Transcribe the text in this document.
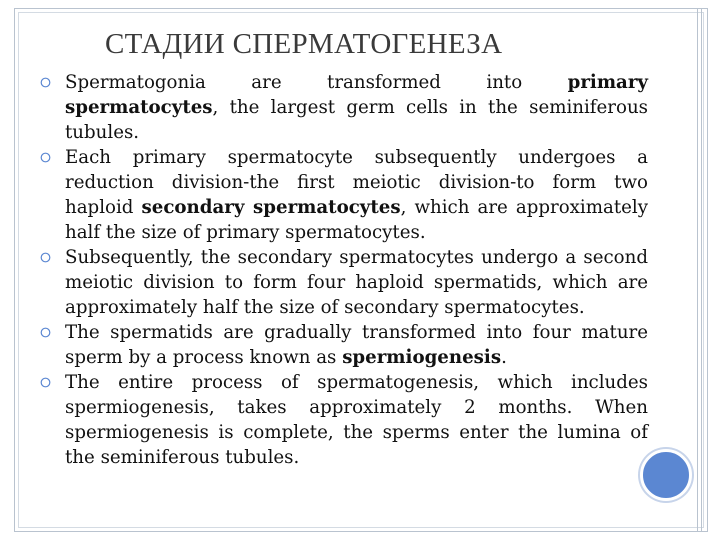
СТАДИИ СПЕРМАТОГЕНЕЗА
Spermatogonia are transformed into primary spermatocytes, the largest germ cells in the seminiferous tubules.
Each primary spermatocyte subsequently undergoes a reduction division-the first meiotic division-to form two haploid secondary spermatocytes, which are approximately half the size of primary spermatocytes.
Subsequently, the secondary spermatocytes undergo a second meiotic division to form four haploid spermatids, which are approximately half the size of secondary spermatocytes.
The spermatids are gradually transformed into four mature sperm by a process known as spermiogenesis.
The entire process of spermatogenesis, which includes spermiogenesis, takes approximately 2 months. When spermiogenesis is complete, the sperms enter the lumina of the seminiferous tubules.
